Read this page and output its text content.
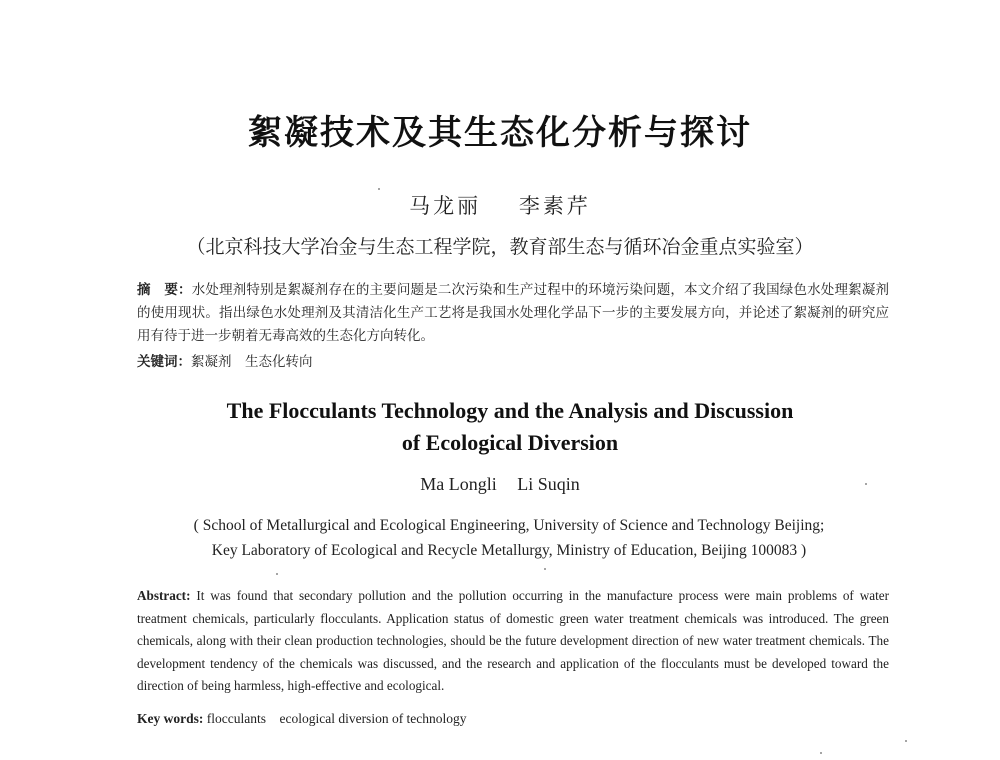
絮凝技术及其生态化分析与探讨
马龙丽 李素芹
（北京科技大学冶金与生态工程学院，教育部生态与循环冶金重点实验室）
摘　要：水处理剂特别是絮凝剂存在的主要问题是二次污染和生产过程中的环境污染问题，本文介绍了我国绿色水处理絮凝剂的使用现状。指出绿色水处理剂及其清洁化生产工艺将是我国水处理化学品下一步的主要发展方向，并论述了絮凝剂的研究应用有待于进一步朝着无毒高效的生态化方向转化。
关键词：絮凝剂　生态化转向
The Flocculants Technology and the Analysis and Discussion
of Ecological Diversion
Ma Longli Li Suqin
( School of Metallurgical and Ecological Engineering, University of Science and Technology Beijing;
Key Laboratory of Ecological and Recycle Metallurgy, Ministry of Education, Beijing 100083 )
Abstract: It was found that secondary pollution and the pollution occurring in the manufacture process were main problems of water treatment chemicals, particularly flocculants. Application status of domestic green water treatment chemicals was introduced. The green chemicals, along with their clean production technologies, should be the future development direction of new water treatment chemicals. The development tendency of the chemicals was discussed, and the research and application of the flocculants must be developed toward the direction of being harmless, high-effective and ecological.
Key words: flocculants　ecological diversion of technology
